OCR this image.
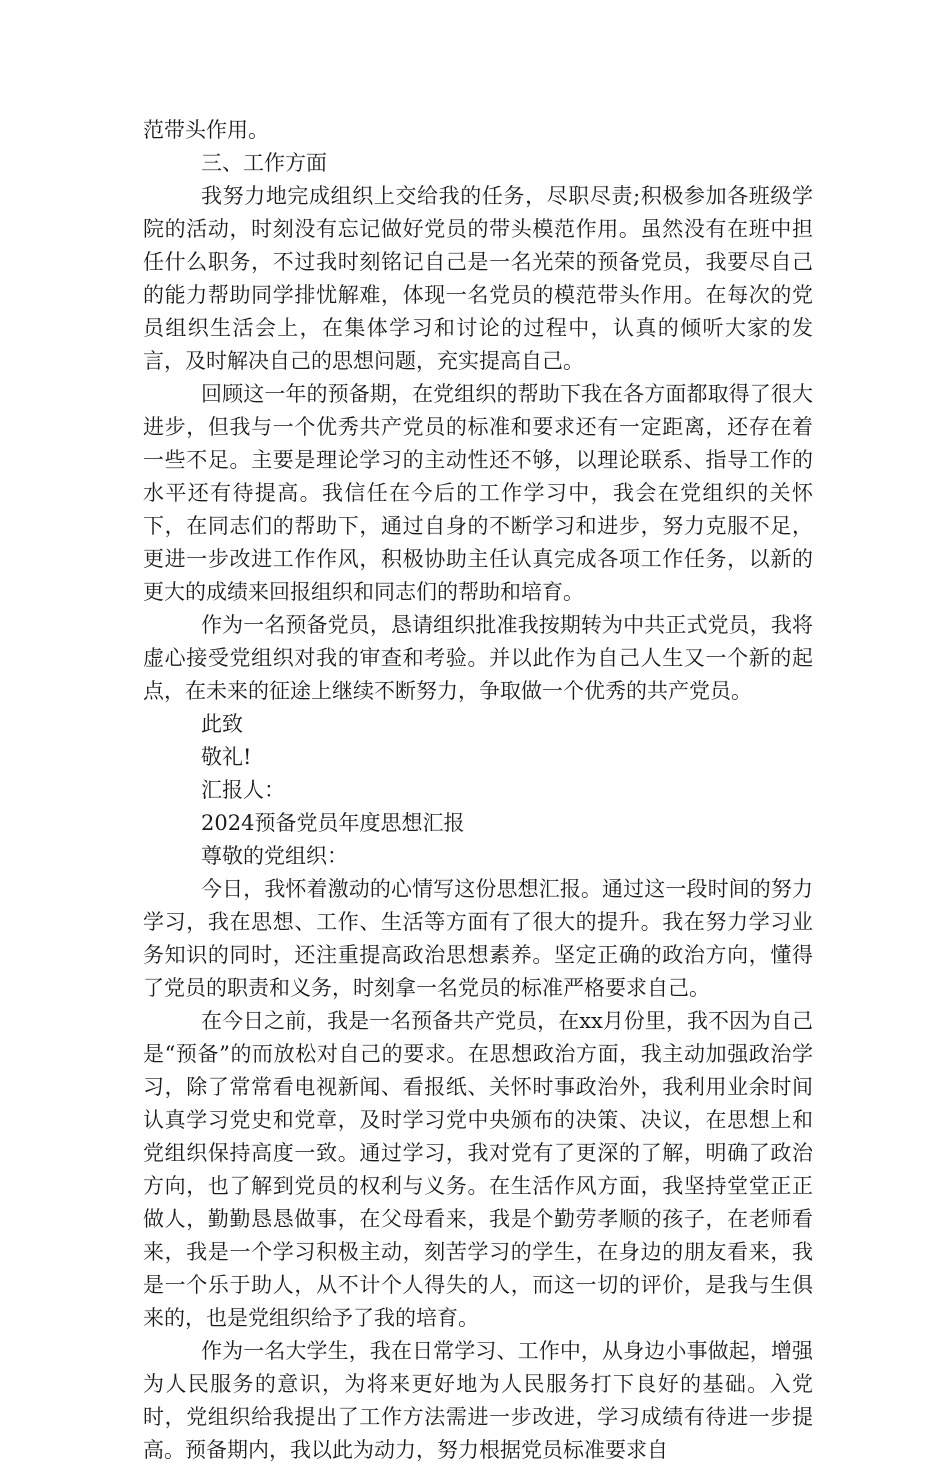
范带头作用。

三、工作方面

我努力地完成组织上交给我的任务，尽职尽责;积极参加各班级学院的活动，时刻没有忘记做好党员的带头模范作用。虽然没有在班中担任什么职务，不过我时刻铭记自己是一名光荣的预备党员，我要尽自己的能力帮助同学排忧解难，体现一名党员的模范带头作用。在每次的党员组织生活会上，在集体学习和讨论的过程中，认真的倾听大家的发言，及时解决自己的思想问题，充实提高自己。

回顾这一年的预备期，在党组织的帮助下我在各方面都取得了很大进步，但我与一个优秀共产党员的标准和要求还有一定距离，还存在着一些不足。主要是理论学习的主动性还不够，以理论联系、指导工作的水平还有待提高。我信任在今后的工作学习中，我会在党组织的关怀下，在同志们的帮助下，通过自身的不断学习和进步，努力克服不足，更进一步改进工作作风，积极协助主任认真完成各项工作任务，以新的更大的成绩来回报组织和同志们的帮助和培育。

作为一名预备党员，恳请组织批准我按期转为中共正式党员，我将虚心接受党组织对我的审查和考验。并以此作为自己人生又一个新的起点，在未来的征途上继续不断努力，争取做一个优秀的共产党员。

此致

敬礼!

汇报人：

2024预备党员年度思想汇报

尊敬的党组织：

今日，我怀着激动的心情写这份思想汇报。通过这一段时间的努力学习，我在思想、工作、生活等方面有了很大的提升。我在努力学习业务知识的同时，还注重提高政治思想素养。坚定正确的政治方向，懂得了党员的职责和义务，时刻拿一名党员的标准严格要求自己。

在今日之前，我是一名预备共产党员，在xx月份里，我不因为自己是“预备”的而放松对自己的要求。在思想政治方面，我主动加强政治学习，除了常常看电视新闻、看报纸、关怀时事政治外，我利用业余时间认真学习党史和党章，及时学习党中央颁布的决策、决议，在思想上和党组织保持高度一致。通过学习，我对党有了更深的了解，明确了政治方向，也了解到党员的权利与义务。在生活作风方面，我坚持堂堂正正做人，勤勤恳恳做事，在父母看来，我是个勤劳孝顺的孩子，在老师看来，我是一个学习积极主动，刻苦学习的学生，在身边的朋友看来，我是一个乐于助人，从不计个人得失的人，而这一切的评价，是我与生俱来的，也是党组织给予了我的培育。

作为一名大学生，我在日常学习、工作中，从身边小事做起，增强为人民服务的意识，为将来更好地为人民服务打下良好的基础。入党时，党组织给我提出了工作方法需进一步改进，学习成绩有待进一步提高。预备期内，我以此为动力，努力根据党员标准要求自
